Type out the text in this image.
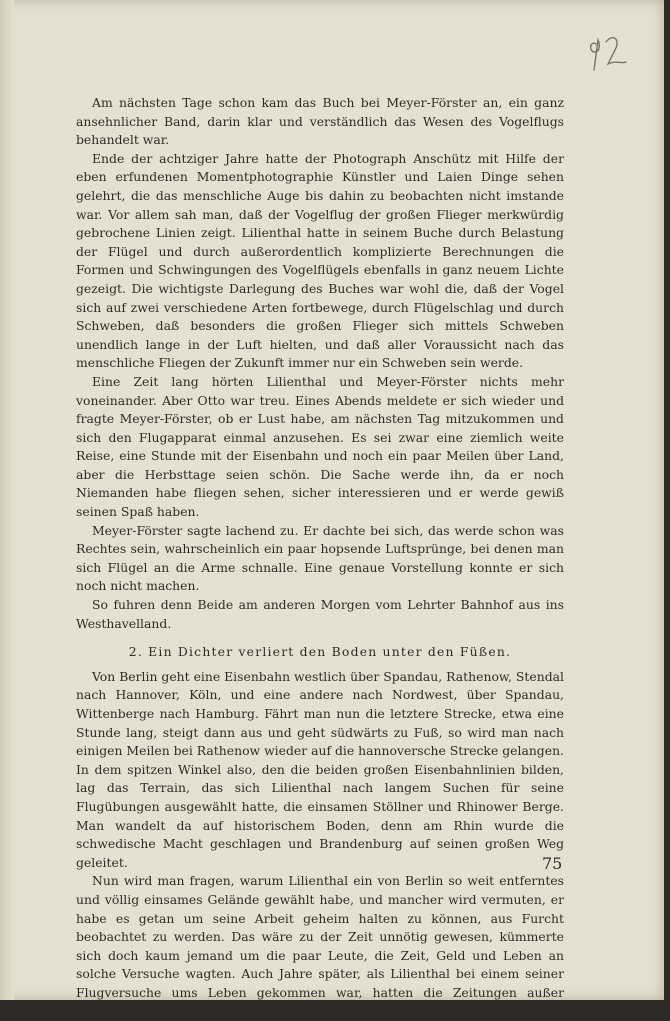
92

Am nächsten Tage schon kam das Buch bei Meyer-Förster an, ein ganz ansehnlicher Band, darin klar und verständlich das Wesen des Vogelflugs behandelt war.

Ende der achtziger Jahre hatte der Photograph Anschütz mit Hilfe der eben erfundenen Momentphotographie Künstler und Laien Dinge sehen gelehrt, die das menschliche Auge bis dahin zu beobachten nicht imstande war. Vor allem sah man, daß der Vogelflug der großen Flieger merkwürdig gebrochene Linien zeigt. Lilienthal hatte in seinem Buche durch Belastung der Flügel und durch außerordentlich komplizierte Berechnungen die Formen und Schwingungen des Vogelflügels ebenfalls in ganz neuem Lichte gezeigt. Die wichtigste Darlegung des Buches war wohl die, daß der Vogel sich auf zwei verschiedene Arten fortbewege, durch Flügelschlag und durch Schweben, daß besonders die großen Flieger sich mittels Schweben unendlich lange in der Luft hielten, und daß aller Voraussicht nach das menschliche Fliegen der Zukunft immer nur ein Schweben sein werde.

Eine Zeit lang hörten Lilienthal und Meyer-Förster nichts mehr voneinander. Aber Otto war treu. Eines Abends meldete er sich wieder und fragte Meyer-Förster, ob er Lust habe, am nächsten Tag mitzukommen und sich den Flugapparat einmal anzusehen. Es sei zwar eine ziemlich weite Reise, eine Stunde mit der Eisenbahn und noch ein paar Meilen über Land, aber die Herbsttage seien schön. Die Sache werde ihn, da er noch Niemanden habe fliegen sehen, sicher interessieren und er werde gewiß seinen Spaß haben.

Meyer-Förster sagte lachend zu. Er dachte bei sich, das werde schon was Rechtes sein, wahrscheinlich ein paar hopsende Luftsprünge, bei denen man sich Flügel an die Arme schnalle. Eine genaue Vorstellung konnte er sich noch nicht machen.

So fuhren denn Beide am anderen Morgen vom Lehrter Bahnhof aus ins Westhavelland.

2. Ein Dichter verliert den Boden unter den Füßen.

Von Berlin geht eine Eisenbahn westlich über Spandau, Rathenow, Stendal nach Hannover, Köln, und eine andere nach Nordwest, über Spandau, Wittenberge nach Hamburg. Fährt man nun die letztere Strecke, etwa eine Stunde lang, steigt dann aus und geht südwärts zu Fuß, so wird man nach einigen Meilen bei Rathenow wieder auf die hannoversche Strecke gelangen. In dem spitzen Winkel also, den die beiden großen Eisenbahnlinien bilden, lag das Terrain, das sich Lilienthal nach langem Suchen für seine Flugübungen ausgewählt hatte, die einsamen Stöllner und Rhinower Berge. Man wandelt da auf historischem Boden, denn am Rhin wurde die schwedische Macht geschlagen und Brandenburg auf seinen großen Weg geleitet.

Nun wird man fragen, warum Lilienthal ein von Berlin so weit entferntes und völlig einsames Gelände gewählt habe, und mancher wird vermuten, er habe es getan um seine Arbeit geheim halten zu können, aus Furcht beobachtet zu werden. Das wäre zu der Zeit unnötig gewesen, kümmerte sich doch kaum jemand um die paar Leute, die Zeit, Geld und Leben an solche Versuche wagten. Auch Jahre später, als Lilienthal bei einem seiner Flugversuche ums Leben gekommen war, hatten die Zeitungen außer einigen Worten des Bedauerns wenig Verständnis für

75
